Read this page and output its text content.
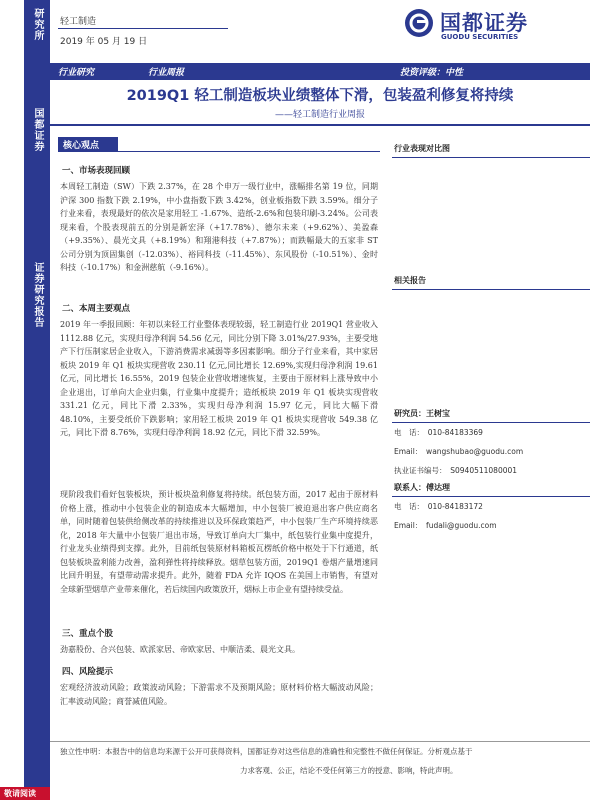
研究所
国都证券
证券研究报告
轻工制造
2019 年 05 月 19 日
国都证券
GUODU SECURITIES
行业研究	行业周报	投资评级：中性
2019Q1 轻工制造板块业绩整体下滑，包装盈利修复将持续
——轻工制造行业周报
核心观点
一、市场表现回顾
本周轻工制造（SW）下跌 2.37%，在 28 个申万一级行业中，涨幅排名第 19 位，同期沪深 300 指数下跌 2.19%，中小盘指数下跌 3.42%，创业板指数下跌 3.59%。细分子行业来看，表现最好的依次是家用轻工 -1.67%、造纸-2.6%和包装印刷-3.24%。公司表现来看，个股表现前五的分别是新宏泽（+17.78%）、德尔未来（+9.62%）、美盈森（+9.35%）、晨光文具（+8.19%）和翔港科技（+7.87%）；而跌幅最大的五家非 ST 公司分别为顶固集创（-12.03%）、裕同科技（-11.45%）、东风股份（-10.51%）、金时科技（-10.17%）和金洲慈航（-9.16%）。
二、本周主要观点
2019 年一季报回顾：年初以来轻工行业整体表现较弱，轻工制造行业 2019Q1 营业收入 1112.88 亿元，实现归母净利润 54.56 亿元，同比分别下降 3.01%/27.93%，主要受地产下行压制家居企业收入，下游消费需求减弱等多因素影响。细分子行业来看，其中家居板块 2019 年 Q1 板块实现营收 230.11 亿元,同比增长 12.69%,实现归母净利润 19.61 亿元，同比增长 16.55%，2019 包装企业营收增速恢复，主要由于原材料上涨导致中小企业退出，订单向大企业归集，行业集中度提升；造纸板块 2019 年 Q1 板块实现营收 331.21 亿元，同比下滑 2.33%，实现归母净利润 15.97 亿元，同比大幅下滑 48.10%，主要受纸价下跌影响；家用轻工板块 2019 年 Q1 板块实现营收 549.38 亿元，同比下滑 8.76%，实现归母净利润 18.92 亿元，同比下滑 32.59%。
现阶段我们看好包装板块，预计板块盈利修复将持续。纸包装方面，2017 起由于原材料价格上涨，推动中小包装企业的制造成本大幅增加，中小包装厂被迫退出客户供应商名单，同时随着包装供给侧改革的持续推进以及环保政策趋严，中小包装厂生产环境持续恶化，2018 年大量中小包装厂退出市场，导致订单向大厂集中，纸包装行业集中度提升，行业龙头业绩得到支撑。此外，目前纸包装原材料箱板瓦楞纸价格中枢处于下行通道，纸包装板块盈利能力改善，盈利弹性将持续释放。烟草包装方面，2019Q1 卷烟产量增速同比回升明显，有望带动需求提升。此外，随着 FDA 允许 IQOS 在美国上市销售，有望对全球新型烟草产业带来催化，若后续国内政策放开，烟标上市企业有望持续受益。
三、重点个股
劲嘉股份、合兴包装、欧派家居、帝欧家居、中顺洁柔、晨光文具。
四、风险提示
宏观经济波动风险；政策波动风险；下游需求不及预期风险；原材料价格大幅波动风险；汇率波动风险；商誉减值风险。
行业表现对比图
相关报告
研究员：王树宝
电　话：　010-84183369
Email：　wangshubao@guodu.com
执业证书编号：　S0940511080001
联系人：傅达理
电　话：　010-84183172
Email：　fudali@guodu.com
独立性申明：本报告中的信息均来源于公开可获得资料，国都证券对这些信息的准确性和完整性不做任何保证。分析观点基于
力求客观、公正，结论不受任何第三方的授意、影响，特此声明。
敬请阅读
